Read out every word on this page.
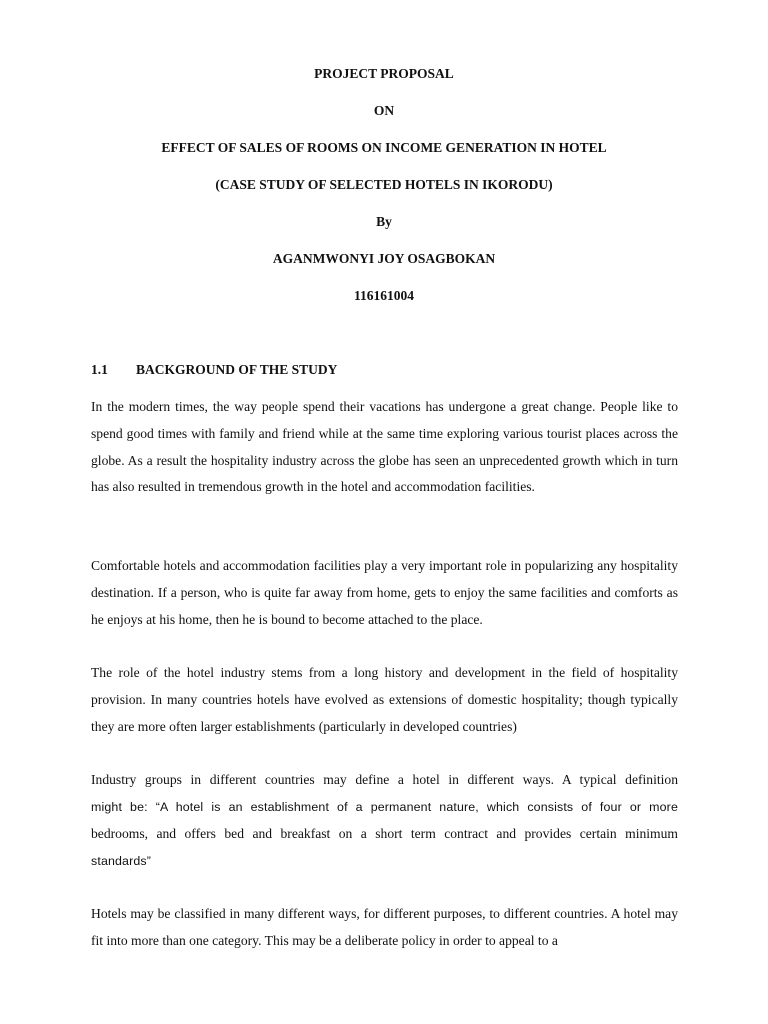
PROJECT PROPOSAL

ON

EFFECT OF SALES OF ROOMS ON INCOME GENERATION IN HOTEL

(CASE STUDY OF SELECTED HOTELS IN IKORODU)

By

AGANMWONYI JOY OSAGBOKAN

116161004

1.1 BACKGROUND OF THE STUDY

In the modern times, the way people spend their vacations has undergone a great change. People like to spend good times with family and friend while at the same time exploring various tourist places across the globe. As a result the hospitality industry across the globe has seen an unprecedented growth which in turn has also resulted in tremendous growth in the hotel and accommodation facilities.

Comfortable hotels and accommodation facilities play a very important role in popularizing any hospitality destination. If a person, who is quite far away from home, gets to enjoy the same facilities and comforts as he enjoys at his home, then he is bound to become attached to the place.

The role of the hotel industry stems from a long history and development in the field of hospitality provision. In many countries hotels have evolved as extensions of domestic hospitality; though typically they are more often larger establishments (particularly in developed countries)

Industry groups in different countries may define a hotel in different ways. A typical definition

might be: “A hotel is an establishment of a permanent nature, which consists of four or more

bedrooms, and offers bed and breakfast on a short term contract and provides certain minimum

standards”

Hotels may be classified in many different ways, for different purposes, to different countries. A hotel may fit into more than one category. This may be a deliberate policy in order to appeal to a
